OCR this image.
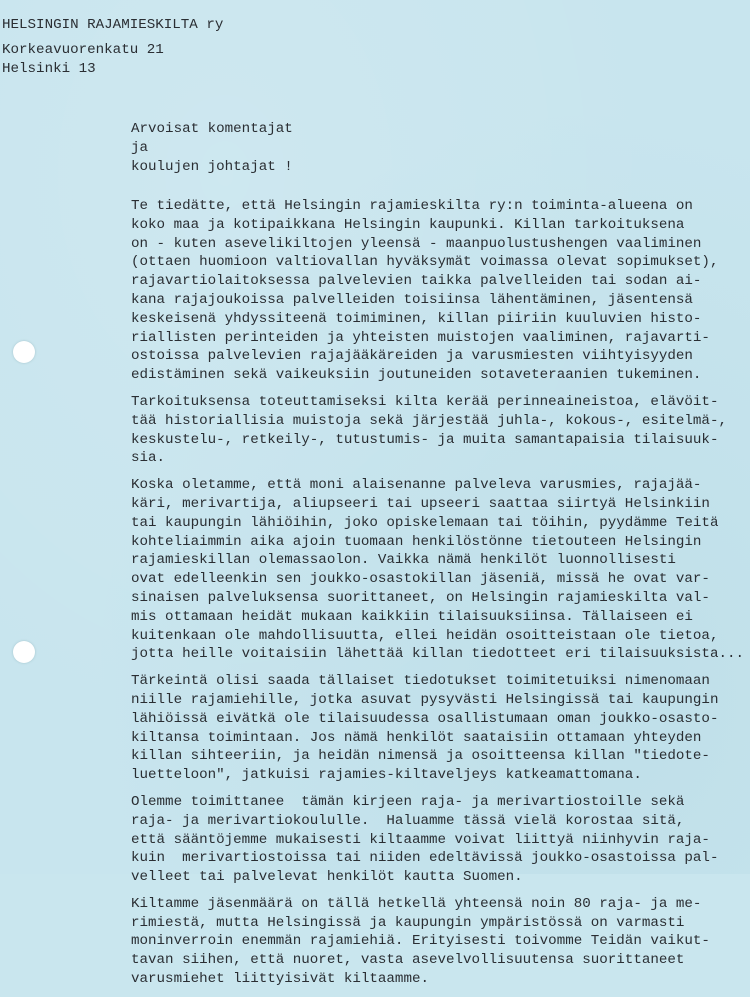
HELSINGIN RAJAMIESKILTA ry
Korkeavuorenkatu 21
Helsinki 13
Arvoisat komentajat
ja
koulujen johtajat !
Te tiedätte, että Helsingin rajamieskilta ry:n toiminta-alueena on
koko maa ja kotipaikkana Helsingin kaupunki. Killan tarkoituksena
on - kuten asevelikiltojen yleensä - maanpuolustushengen vaaliminen
(ottaen huomioon valtiovallan hyväksymät voimassa olevat sopimukset),
rajavartiolaitoksessa palvelevien taikka palvelleiden tai sodan ai-
kana rajajoukoissa palvelleiden toisiinsa lähentäminen, jäsentensä
keskeisenä yhdyssiteenä toimiminen, killan piiriin kuuluvien histo-
riallisten perinteiden ja yhteisten muistojen vaaliminen, rajavarti-
ostoissa palvelevien rajajääkäreiden ja varusmiesten viihtyisyyden
edistäminen sekä vaikeuksiin joutuneiden sotaveteraanien tukeminen.
Tarkoituksensa toteuttamiseksi kilta kerää perinneaineistoa, elävöit-
tää historiallisia muistoja sekä järjestää juhla-, kokous-, esitelmä-,
keskustelu-, retkeily-, tutustumis- ja muita samantapaisia tilaisuuk-
sia.
Koska oletamme, että moni alaisenanne palveleva varusmies, rajajää-
käri, merivartija, aliupseeri tai upseeri saattaa siirtyä Helsinkiin
tai kaupungin lähiöihin, joko opiskelemaan tai töihin, pyydämme Teitä
kohteliaimmin aika ajoin tuomaan henkilöstönne tietouteen Helsingin
rajamieskillan olemassaolon. Vaikka nämä henkilöt luonnollisesti
ovat edelleenkin sen joukko-osastokillan jäseniä, missä he ovat var-
sinaisen palveluksensa suorittaneet, on Helsingin rajamieskilta val-
mis ottamaan heidät mukaan kaikkiin tilaisuuksiinsa. Tällaiseen ei
kuitenkaan ole mahdollisuutta, ellei heidän osoitteistaan ole tietoa,
jotta heille voitaisiin lähettää killan tiedotteet eri tilaisuuksista...
Tärkeintä olisi saada tällaiset tiedotukset toimitetuiksi nimenomaan
niille rajamiehille, jotka asuvat pysyvästi Helsingissä tai kaupungin
lähiöissä eivätkä ole tilaisuudessa osallistumaan oman joukko-osasto-
kiltansa toimintaan. Jos nämä henkilöt saataisiin ottamaan yhteyden
killan sihteeriin, ja heidän nimensä ja osoitteensa killan "tiedote-
luetteloon", jatkuisi rajamies-kiltaveljeys katkeamattomana.
Olemme toimittanee  tämän kirjeen raja- ja merivartiostoille sekä
raja- ja merivartiokoululle.  Haluamme tässä vielä korostaa sitä,
että sääntöjemme mukaisesti kiltaamme voivat liittyä niinhyvin raja-
kuin  merivartiostoissa tai niiden edeltävissä joukko-osastoissa pal-
velleet tai palvelevat henkilöt kautta Suomen.
Kiltamme jäsenmäärä on tällä hetkellä yhteensä noin 80 raja- ja me-
rimiestä, mutta Helsingissä ja kaupungin ympäristössä on varmasti
moninverroin enemmän rajamiehiä. Erityisesti toivomme Teidän vaikut-
tavan siihen, että nuoret, vasta asevelvollisuutensa suorittaneet
varusmiehet liittyisivät kiltaamme.
